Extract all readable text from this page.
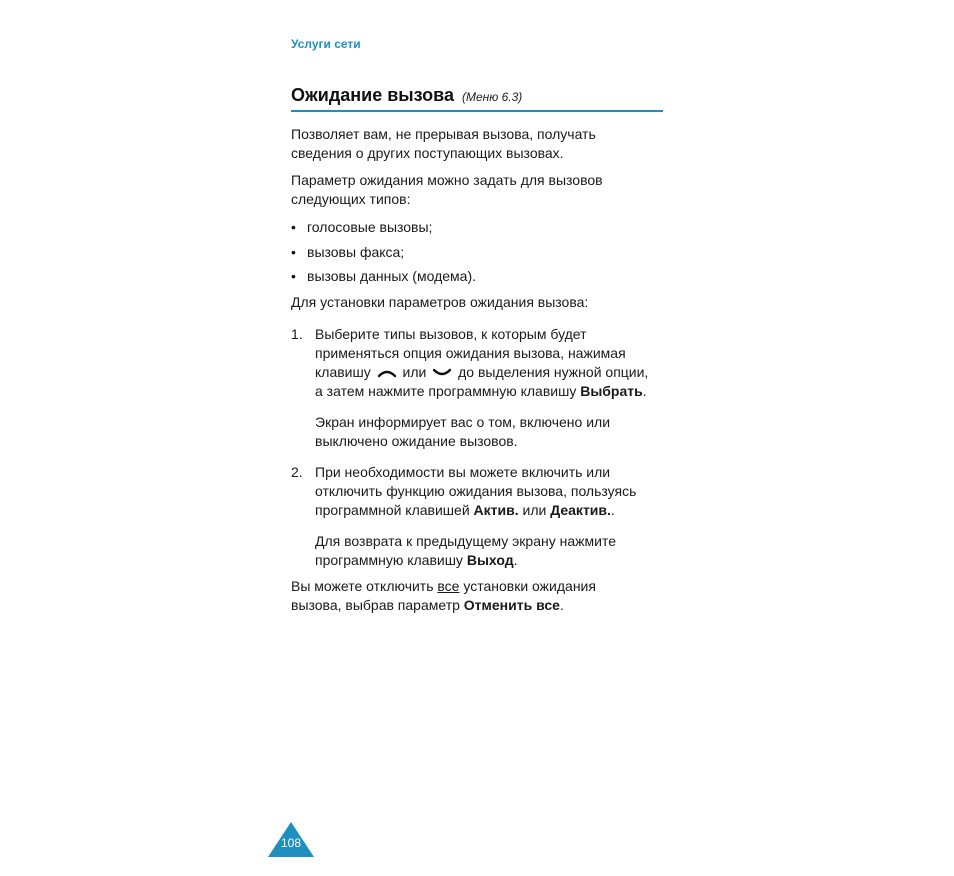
Услуги сети
Ожидание вызова (Меню 6.3)
Позволяет вам, не прерывая вызова, получать
сведения о других поступающих вызовах.
Параметр ожидания можно задать для вызовов
следующих типов:
• голосовые вызовы;
• вызовы факса;
• вызовы данных (модема).
Для установки параметров ожидания вызова:
1. Выберите типы вызовов, к которым будет
применяться опция ожидания вызова, нажимая
клавишу или до выделения нужной опции,
а затем нажмите программную клавишу Выбрать.
Экран информирует вас о том, включено или
выключено ожидание вызовов.
2. При необходимости вы можете включить или
отключить функцию ожидания вызова, пользуясь
программной клавишей Актив. или Деактив..
Для возврата к предыдущему экрану нажмите
программную клавишу Выход.
Вы можете отключить все установки ожидания
вызова, выбрав параметр Отменить все.
108
